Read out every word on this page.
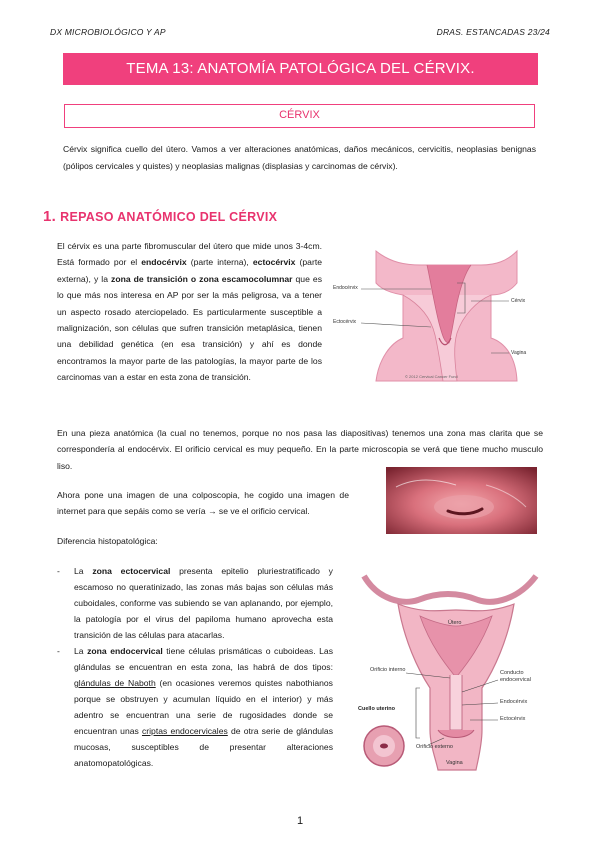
DX MICROBIOLÓGICO Y AP	DRAS. ESTANCADAS 23/24
TEMA 13: ANATOMÍA PATOLÓGICA DEL CÉRVIX.
CÉRVIX
Cérvix significa cuello del útero. Vamos a ver alteraciones anatómicas, daños mecánicos, cervicitis, neoplasias benignas (pólipos cervicales y quistes) y neoplasias malignas (displasias y carcinomas de cérvix).
1. REPASO ANATÓMICO DEL CÉRVIX
El cérvix es una parte fibromuscular del útero que mide unos 3-4cm. Está formado por el endocérvix (parte interna), ectocérvix (parte externa), y la zona de transición o zona escamocolumnar que es lo que más nos interesa en AP por ser la más peligrosa, va a tener un aspecto rosado aterciopelado. Es particularmente susceptible a malignización, son células que sufren transición metaplásica, tienen una debilidad genética (en esa transición) y ahí es donde encontramos la mayor parte de las patologías, la mayor parte de los carcinomas van a estar en esta zona de transición.
Endocérvix
Ectocérvix
Cérvix
Vagina
© 2012 Cervical Cancer Fund
En una pieza anatómica (la cual no tenemos, porque no nos pasa las diapositivas) tenemos una zona mas clarita que se correspondería al endocérvix. El orificio cervical es muy pequeño. En la parte microscopia se verá que tiene mucho musculo liso.
Ahora pone una imagen de una colposcopia, he cogido una imagen de internet para que sepáis como se vería → se ve el orificio cervical.
Diferencia histopatológica:
- La zona ectocervical presenta epitelio pluriestratificado y escamoso no queratinizado, las zonas más bajas son células más cuboidales, conforme vas subiendo se van aplanando, por ejemplo, la patología por el virus del papiloma humano aprovecha esta transición de las células para atacarlas.
- La zona endocervical tiene células prismáticas o cuboideas. Las glándulas se encuentran en esta zona, las habrá de dos tipos: glándulas de Naboth (en ocasiones veremos quistes nabothianos porque se obstruyen y acumulan líquido en el interior) y más adentro se encuentran una serie de rugosidades donde se encuentran unas criptas endocervicales de otra serie de glándulas mucosas, susceptibles de presentar alteraciones anatomopatológicas.
Útero
Orificio interno
Cuello uterino
Conducto endocervical
Endocérvix
Ectocérvix
Orificio externo
Vagina
1
